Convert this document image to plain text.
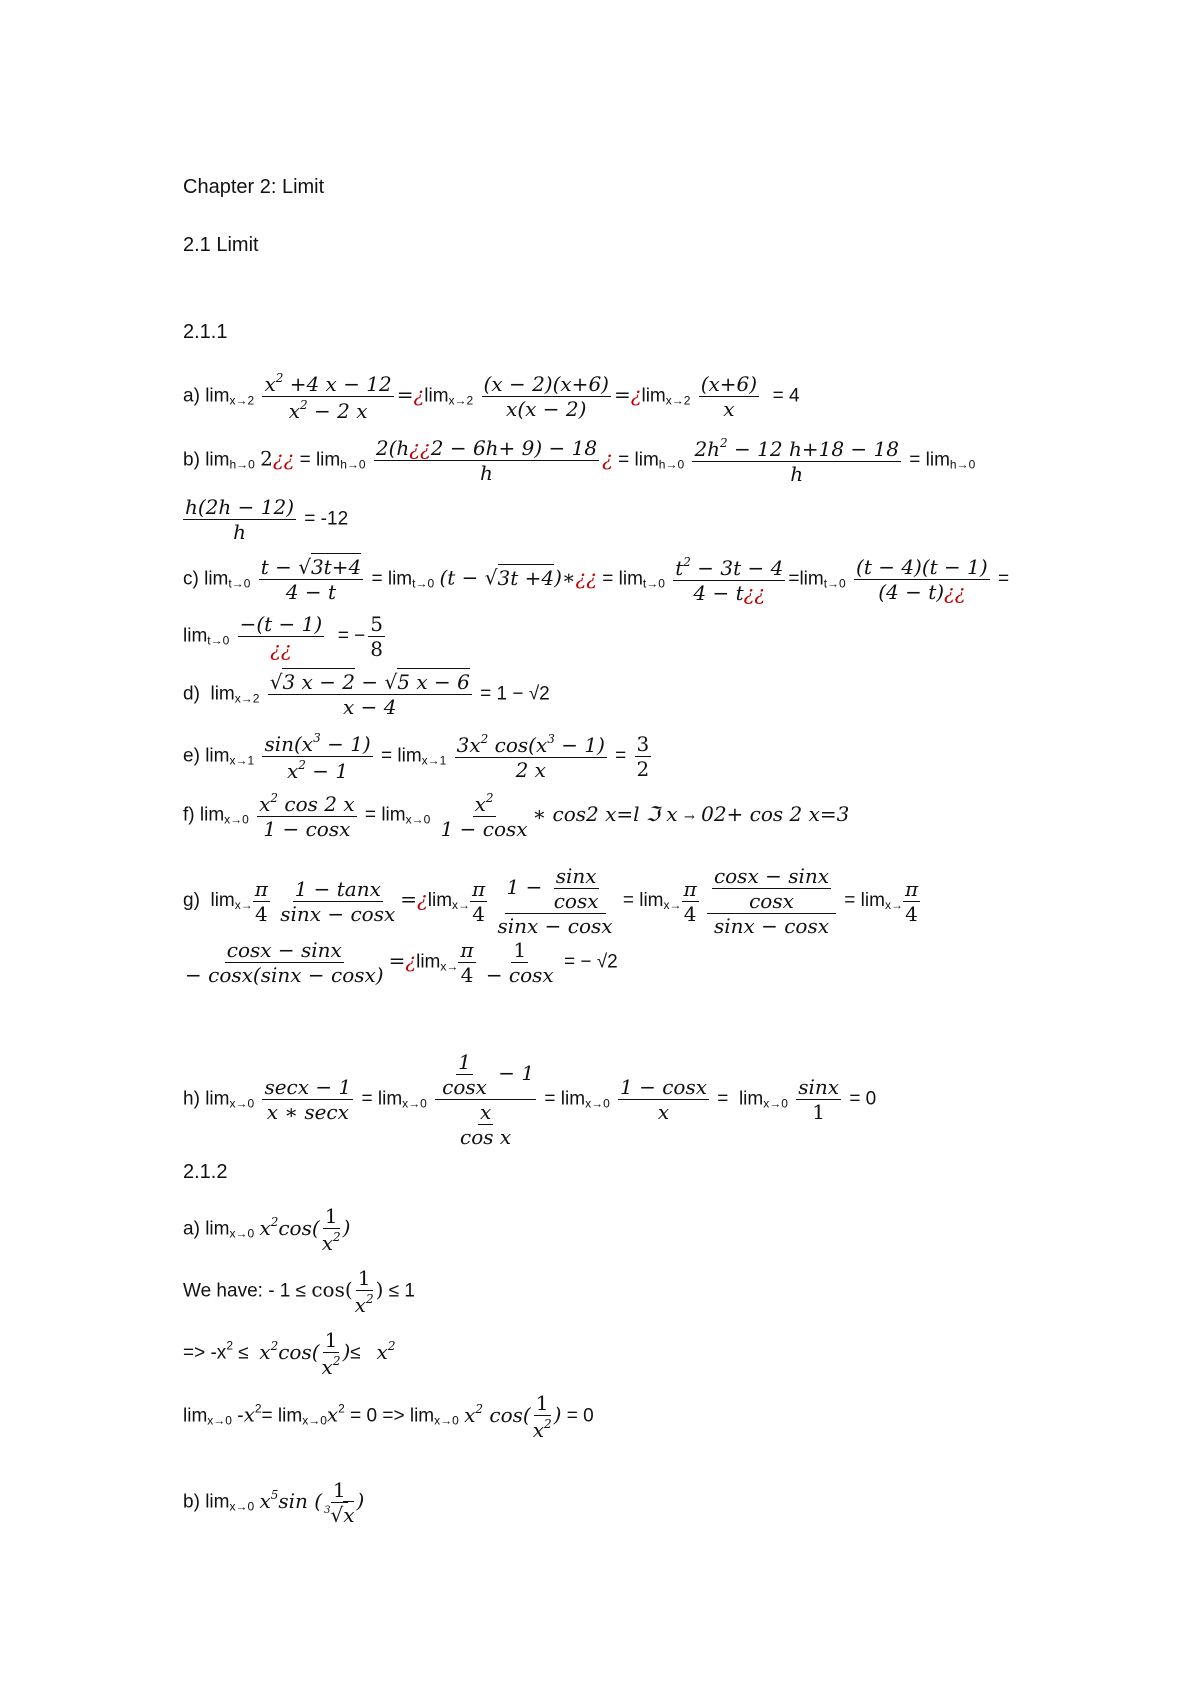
Chapter 2: Limit
2.1 Limit
2.1.1
a) $\lim_{x\to 2} \frac{x^2 +4 x - 12}{x^2 - 2 x}$ $=¿\lim_{x\to 2} \frac{(x - 2)(x+6)}{x(x - 2)}$ $=¿\lim_{x\to 2} \frac{(x+6)}{x} = 4$
b) $\lim_{h\to 0}$ 2¿¿ = $\lim_{h\to 0} \frac{2(h¿¿2 - 6h+ 9) - 18}{h}$ ¿ = $\lim_{h\to 0} \frac{2h^2 - 12 h+18 - 18}{h} = \lim_{h\to 0}$
$\frac{h(2h - 12)}{h} = -12$
c) $\lim_{t\to 0} \frac{t - √3t+4}{4 - t} = \lim_{t\to 0} (t - √3t$ +4)∗¿¿ = $\lim_{t\to 0} \frac{t^2 - 3t - 4}{4 - t¿¿} =\lim_{t\to 0} \frac{(t - 4)(t - 1)}{(4 - t)¿¿}$ =
$\lim_{t\to 0} \frac{-(t - 1)}{¿¿}$ = − $\frac{5}{8}$
d) $\lim_{x\to 2} \frac{√3 x - 2 - √5 x - 6}{x - 4} = 1 - √2$
e) $\lim_{x\to 1} \frac{\sin(x^3 - 1)}{x^2 - 1} = \lim_{x\to 1} \frac{3x^2 \cos(x^3 - 1)}{2 x} = \frac{3}{2}$
f) $\lim_{x\to 0} \frac{x^2 \cos 2 x}{1 - \cos x} = \lim_{x\to 0} \frac{x^2}{1 - \cos x}$ ∗ cos2 x=l ℑ x → 02+ cos 2 x=3
g) $\lim_{x\to} \frac{\pi}{4}$
$\frac{1 - \tan x}{\sin x - \cos x}$ $=¿\lim_{x\to} \frac{\pi}{4}$
$\frac{1 - \frac{\sin x}{\cos x}}{\sin x - \cos x} = \lim_{x\to} \frac{\pi}{4}$
$\frac{\frac{\cos x - \sin x}{\cos x}}{\sin x - \cos x} = \lim_{x\to} \frac{\pi}{4}$
$\frac{\cos x - \sin x}{- \cos x(\sin x - \cos x)}$ $=¿\lim_{x\to} \frac{\pi}{4}$
$\frac{1}{- \cos x}$ = − √2
h) $\lim_{x\to 0} \frac{\sec x - 1}{x ∗ \sec x} = \lim_{x\to 0} \frac{\frac{1}{\cos x} - 1}{\frac{x}{\text{cos x}}} = \lim_{x\to 0} \frac{1 - \cos x}{x} = \lim_{x\to 0} \frac{\sin x}{1} = 0$
2.1.2
a) $\lim_{x\to 0} x^2\cos( \frac{1}{x^2}$ )
We have: - $1 \le \cos( \frac{1}{x^2}$ ) ≤ 1
=> $-x^2 \le x^2\cos( \frac{1}{x^2}$ )≤ $x^2$
$\lim_{x\to 0} -x^2= \lim_{x\to 0}x^2 = 0 => \lim_{x\to 0} x^2$ $\cos( \frac{1}{x^2}$ ) = 0
b) $\lim_{x\to 0} x^5\sin$ ( $\frac{1}{^3√x}$ )
